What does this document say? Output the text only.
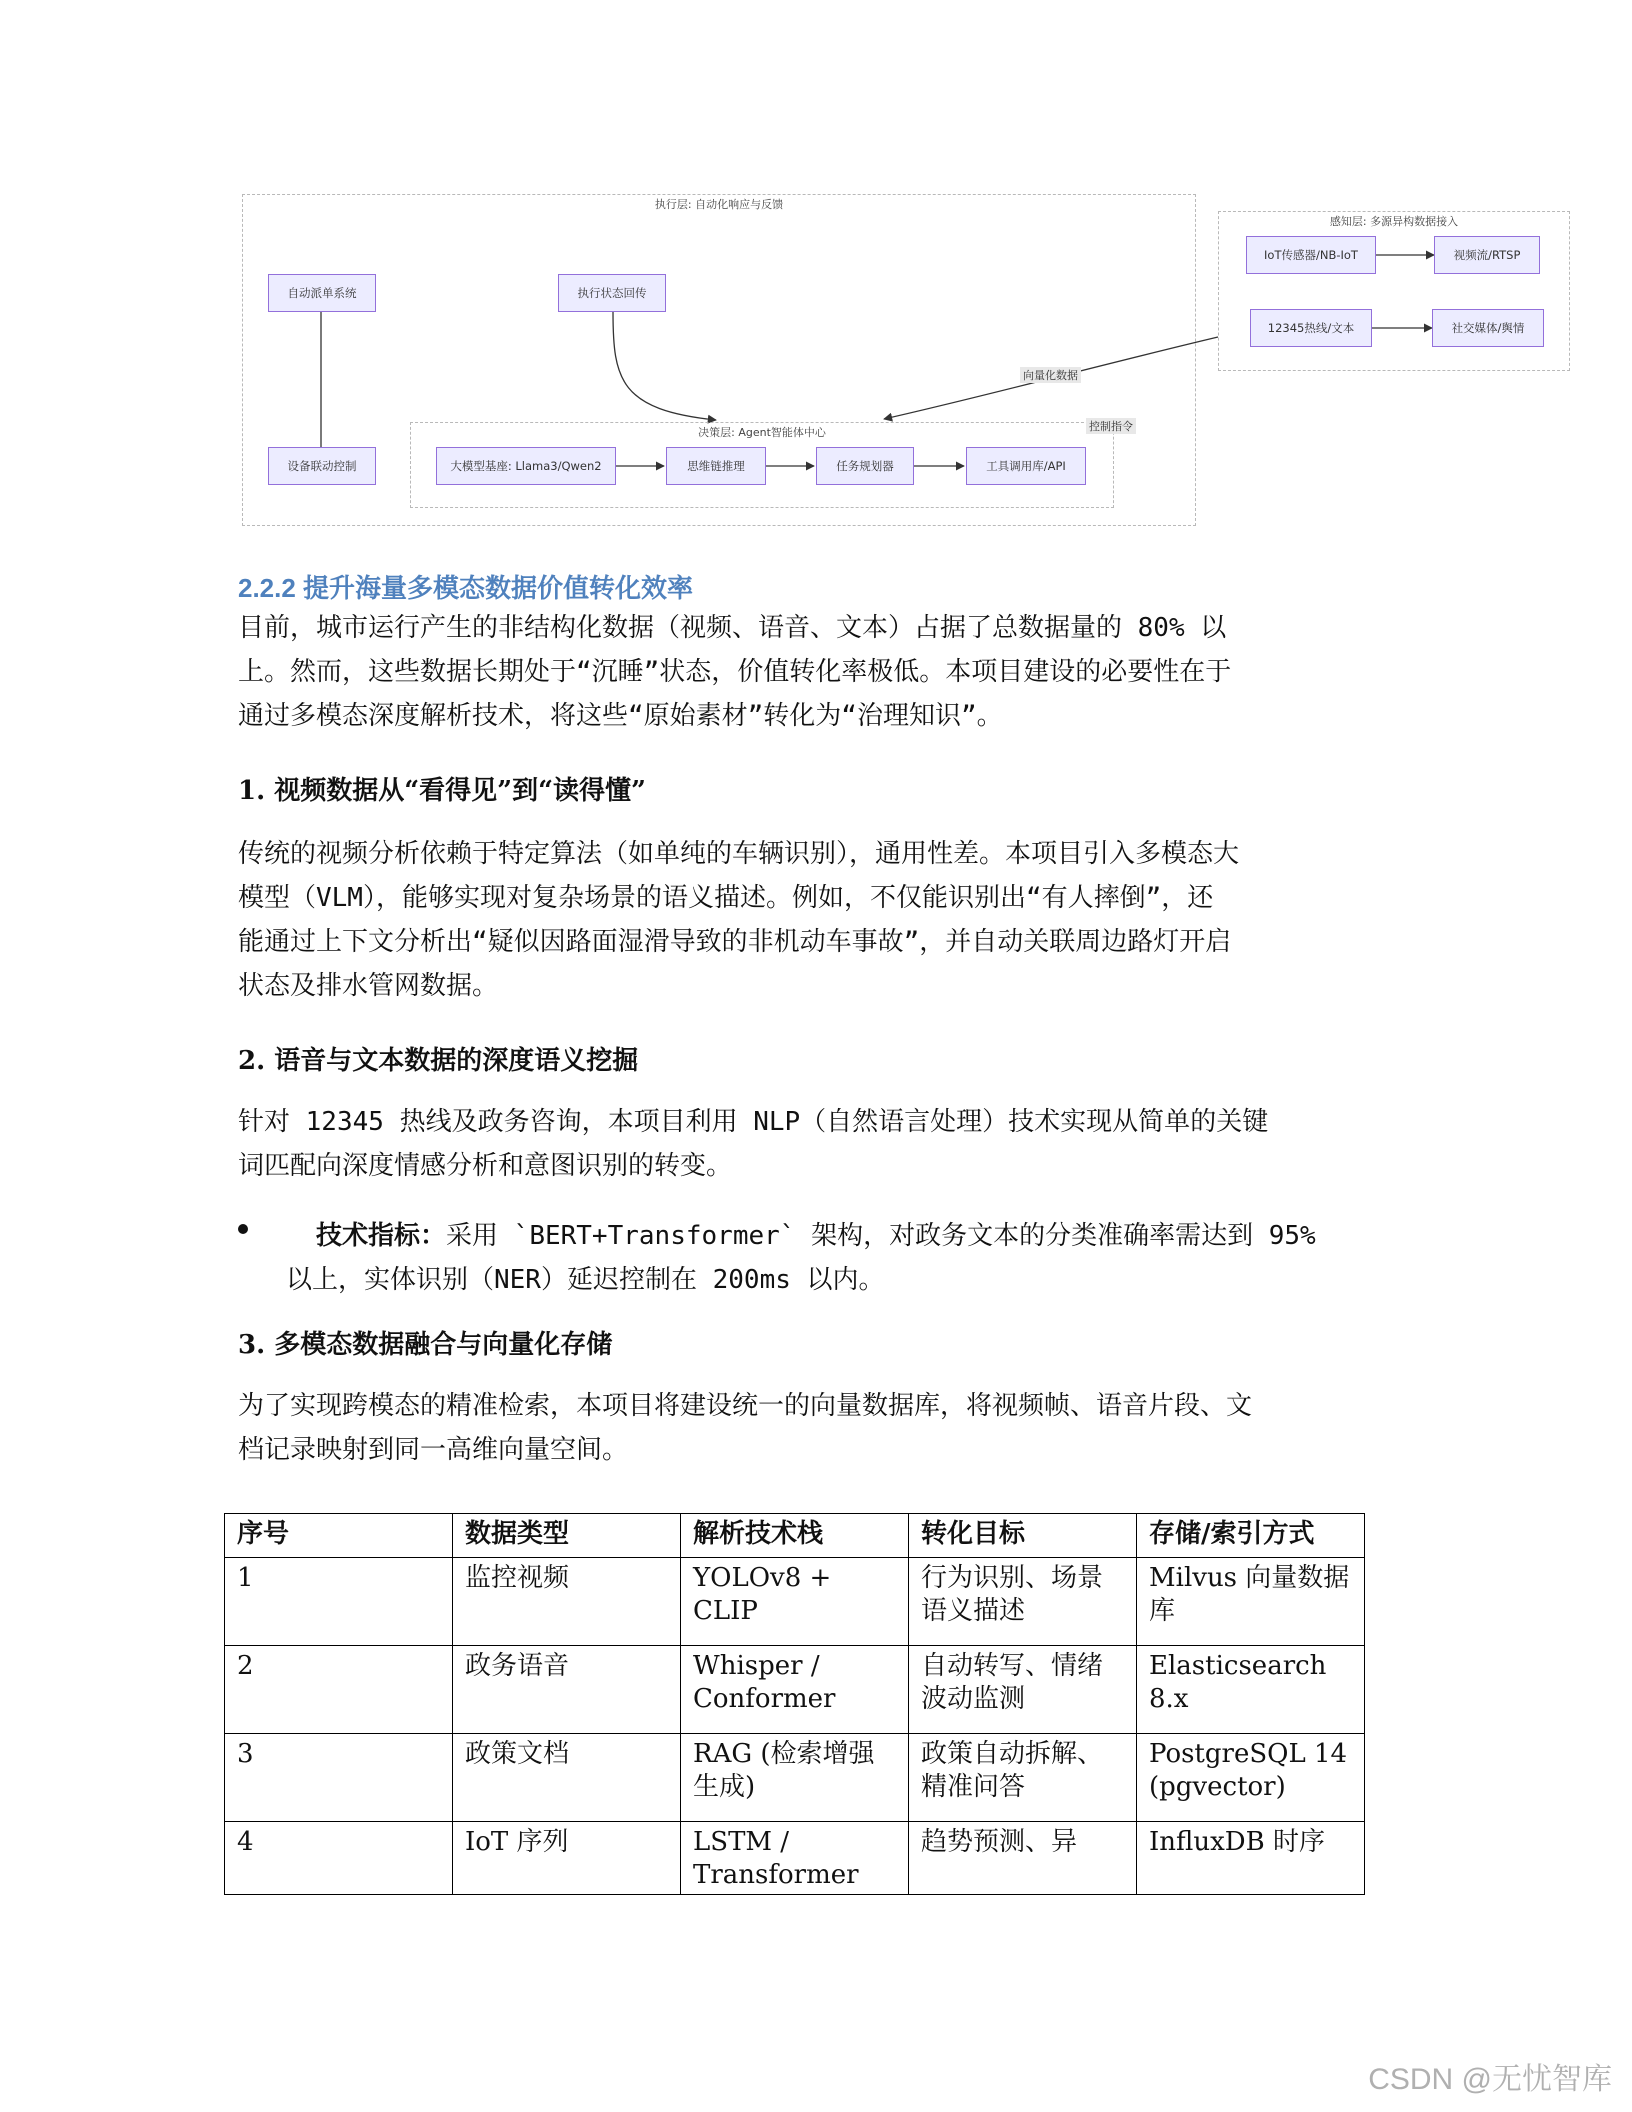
执行层: 自动化响应与反馈
决策层: Agent智能体中心
感知层: 多源异构数据接入
自动派单系统	执行状态回传
设备联动控制
IoT传感器/NB-IoT	视频流/RTSP
12345热线/文本	社交媒体/舆情
大模型基座: Llama3/Qwen2	思维链推理	任务规划器	工具调用库/API
向量化数据
控制指令
2.2.2 提升海量多模态数据价值转化效率
目前，城市运行产生的非结构化数据（视频、语音、文本）占据了总数据量的 80% 以
上。然而，这些数据长期处于“沉睡”状态，价值转化率极低。本项目建设的必要性在于
通过多模态深度解析技术，将这些“原始素材”转化为“治理知识”。
1. 视频数据从“看得见”到“读得懂”
传统的视频分析依赖于特定算法（如单纯的车辆识别），通用性差。本项目引入多模态大
模型（VLM），能够实现对复杂场景的语义描述。例如，不仅能识别出“有人摔倒”，还
能通过上下文分析出“疑似因路面湿滑导致的非机动车事故”，并自动关联周边路灯开启
状态及排水管网数据。
2. 语音与文本数据的深度语义挖掘
针对 12345 热线及政务咨询，本项目利用 NLP（自然语言处理）技术实现从简单的关键
词匹配向深度情感分析和意图识别的转变。
技术指标：采用 `BERT+Transformer` 架构，对政务文本的分类准确率需达到 95%
以上，实体识别（NER）延迟控制在 200ms 以内。
3. 多模态数据融合与向量化存储
为了实现跨模态的精准检索，本项目将建设统一的向量数据库，将视频帧、语音片段、文
档记录映射到同一高维向量空间。
序号	数据类型	解析技术栈	转化目标	存储/索引方式
1	监控视频	YOLOv8 + CLIP	行为识别、场景语义描述	Milvus 向量数据库
2	政务语音	Whisper / Conformer	自动转写、情绪波动监测	Elasticsearch 8.x
3	政策文档	RAG (检索增强生成)	政策自动拆解、精准问答	PostgreSQL 14 (pgvector)
4	IoT 序列	LSTM / Transformer	趋势预测、异	InfluxDB 时序
CSDN @无忧智库
